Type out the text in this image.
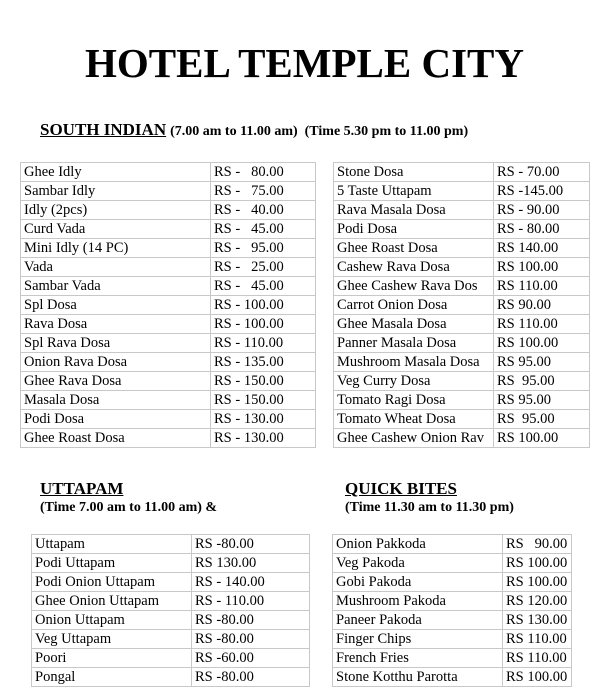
HOTEL TEMPLE CITY
SOUTH INDIAN (7.00 am to 11.00 am)  (Time 5.30 pm to 11.00 pm)
Ghee Idly	RS -   80.00		Stone Dosa	RS - 70.00
Sambar Idly	RS -   75.00		5 Taste Uttapam	RS -145.00
Idly (2pcs)	RS -   40.00		Rava Masala Dosa	RS - 90.00
Curd Vada	RS -   45.00		Podi Dosa	RS - 80.00
Mini Idly (14 PC)	RS -   95.00		Ghee Roast Dosa	RS 140.00
Vada	RS -   25.00		Cashew Rava Dosa	RS 100.00
Sambar Vada	RS -   45.00		Ghee Cashew Rava Dos	RS 110.00
Spl Dosa	RS - 100.00		Carrot Onion Dosa	RS 90.00
Rava Dosa	RS - 100.00		Ghee Masala Dosa	RS 110.00
Spl Rava Dosa	RS - 110.00		Panner Masala Dosa	RS 100.00
Onion Rava Dosa	RS - 135.00		Mushroom Masala Dosa	RS 95.00
Ghee Rava Dosa	RS - 150.00		Veg Curry Dosa	RS  95.00
Masala Dosa	RS - 150.00		Tomato Ragi Dosa	RS 95.00
Podi Dosa	RS - 130.00		Tomato Wheat Dosa	RS  95.00
Ghee Roast Dosa	RS - 130.00		Ghee Cashew Onion Rav	RS 100.00
UTTAPAM
(Time 7.00 am to 11.00 am) &
QUICK BITES
(Time 11.30 am to 11.30 pm)
Uttapam	RS -80.00		Onion Pakkoda	RS   90.00
Podi Uttapam	RS 130.00		Veg Pakoda	RS 100.00
Podi Onion Uttapam	RS - 140.00		Gobi Pakoda	RS 100.00
Ghee Onion Uttapam	RS - 110.00		Mushroom Pakoda	RS 120.00
Onion Uttapam	RS -80.00		Paneer Pakoda	RS 130.00
Veg Uttapam	RS -80.00		Finger Chips	RS 110.00
Poori	RS -60.00		French Fries	RS 110.00
Pongal	RS -80.00		Stone Kotthu Parotta	RS 100.00
